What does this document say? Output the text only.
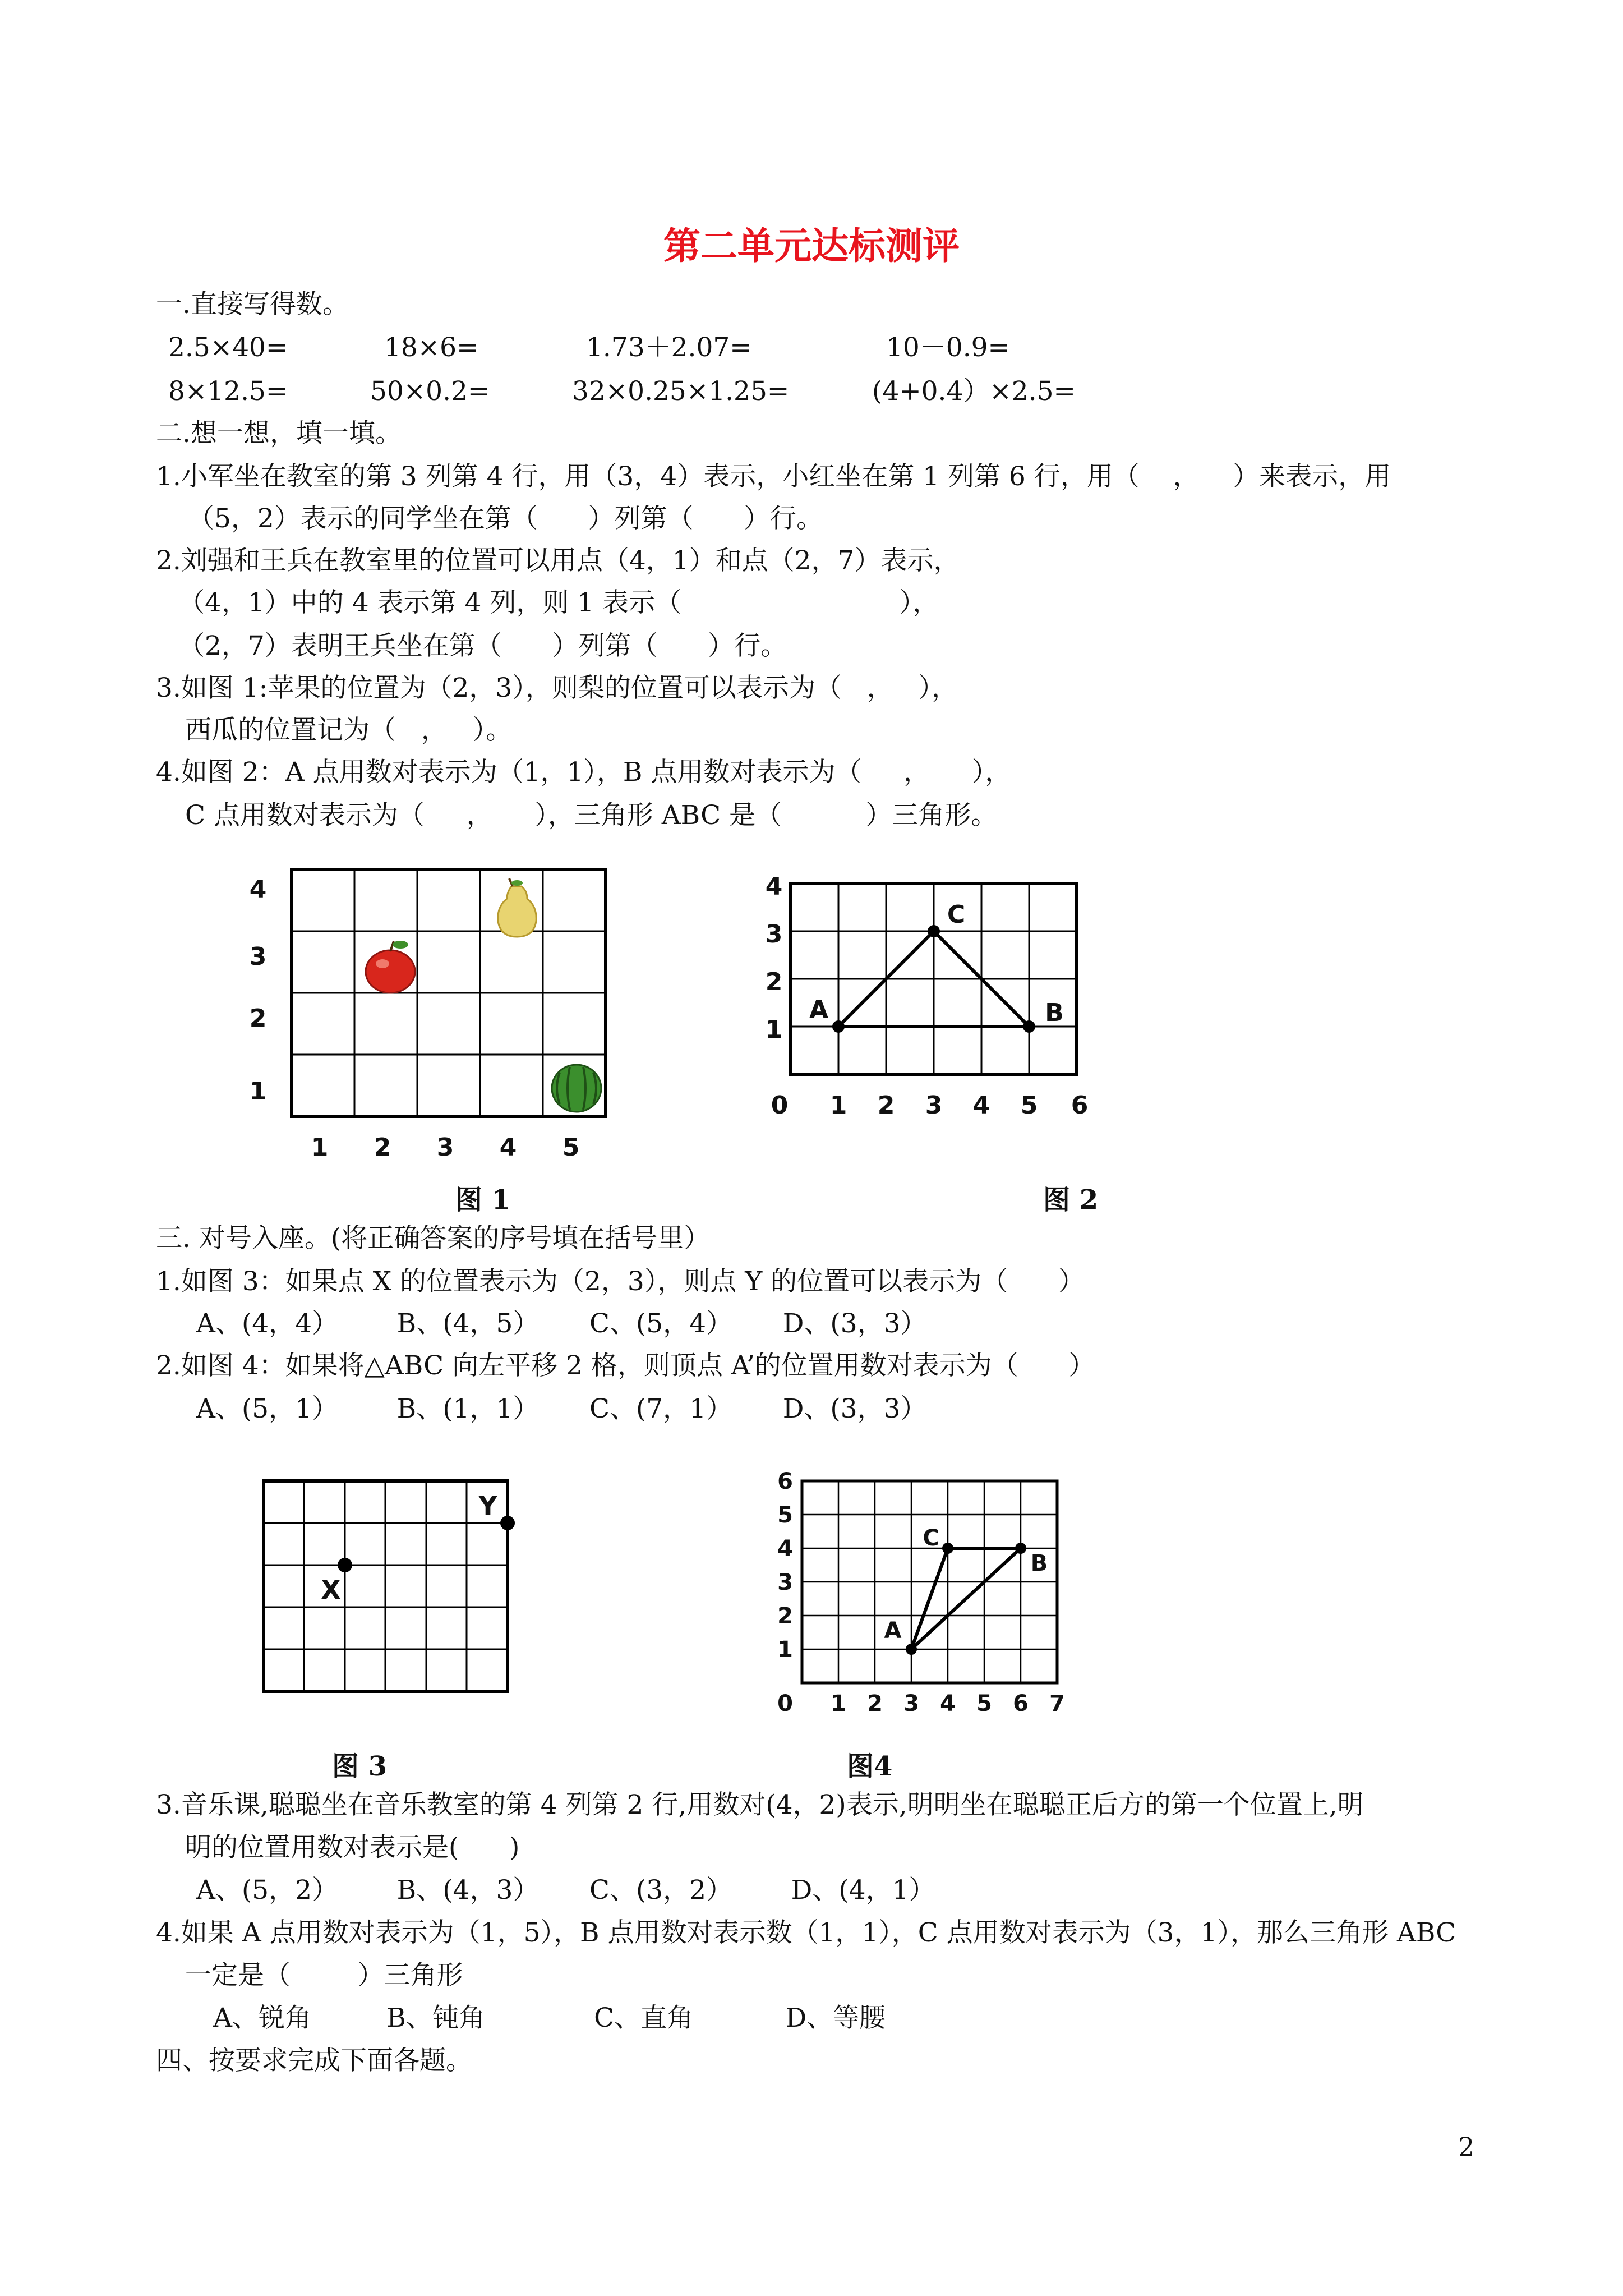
第二单元达标测评
一.直接写得数。
2.5×40=	18×6=	1.73＋2.07=	10－0.9=
8×12.5=	50×0.2=	32×0.25×1.25=	(4+0.4）×2.5=
二.想一想，填一填。
1.小军坐在教室的第 3 列第 4 行，用（3，4）表示，小红坐在第 1 列第 6 行，用（    ，    ）来表示，用
（5，2）表示的同学坐在第（      ）列第（      ）行。
2.刘强和王兵在教室里的位置可以用点（4，1）和点（2，7）表示，
（4，1）中的 4 表示第 4 列，则 1 表示（                          ），
（2，7）表明王兵坐在第（      ）列第（      ）行。
3.如图 1:苹果的位置为（2，3），则梨的位置可以表示为（   ，   ），
西瓜的位置记为（   ，   ）。
4.如图 2：A 点用数对表示为（1，1），B 点用数对表示为（     ，     ），
C 点用数对表示为（     ，     ），三角形 ABC 是（          ）三角形。
1 2 3 4 5
4
3
2
1
图 1
A	B
C
0 1 2 3 4 5 6
4
3
2
1
图 2
三. 对号入座。(将正确答案的序号填在括号里）
1.如图 3：如果点 X 的位置表示为（2，3），则点 Y 的位置可以表示为（      ）
A、(4，4）       B、(4，5）      C、(5，4）      D、(3，3）
2.如图 4：如果将△ABC 向左平移 2 格，则顶点 A’的位置用数对表示为（      ）
A、(5，1）       B、(1，1）      C、(7，1）      D、(3，3）
X
Y
图 3
A
B
C
0 1 2 3 4 5 6 7
6
5
4
3
2
1
图4
3.音乐课,聪聪坐在音乐教室的第 4 列第 2 行,用数对(4，2)表示,明明坐在聪聪正后方的第一个位置上,明
明的位置用数对表示是(      )
A、(5，2）       B、(4，3）      C、(3，2）       D、(4，1）
4.如果 A 点用数对表示为（1，5），B 点用数对表示数（1，1），C 点用数对表示为（3，1），那么三角形 ABC
一定是（        ）三角形
A、锐角         B、钝角             C、直角           D、等腰
四、按要求完成下面各题。
2
